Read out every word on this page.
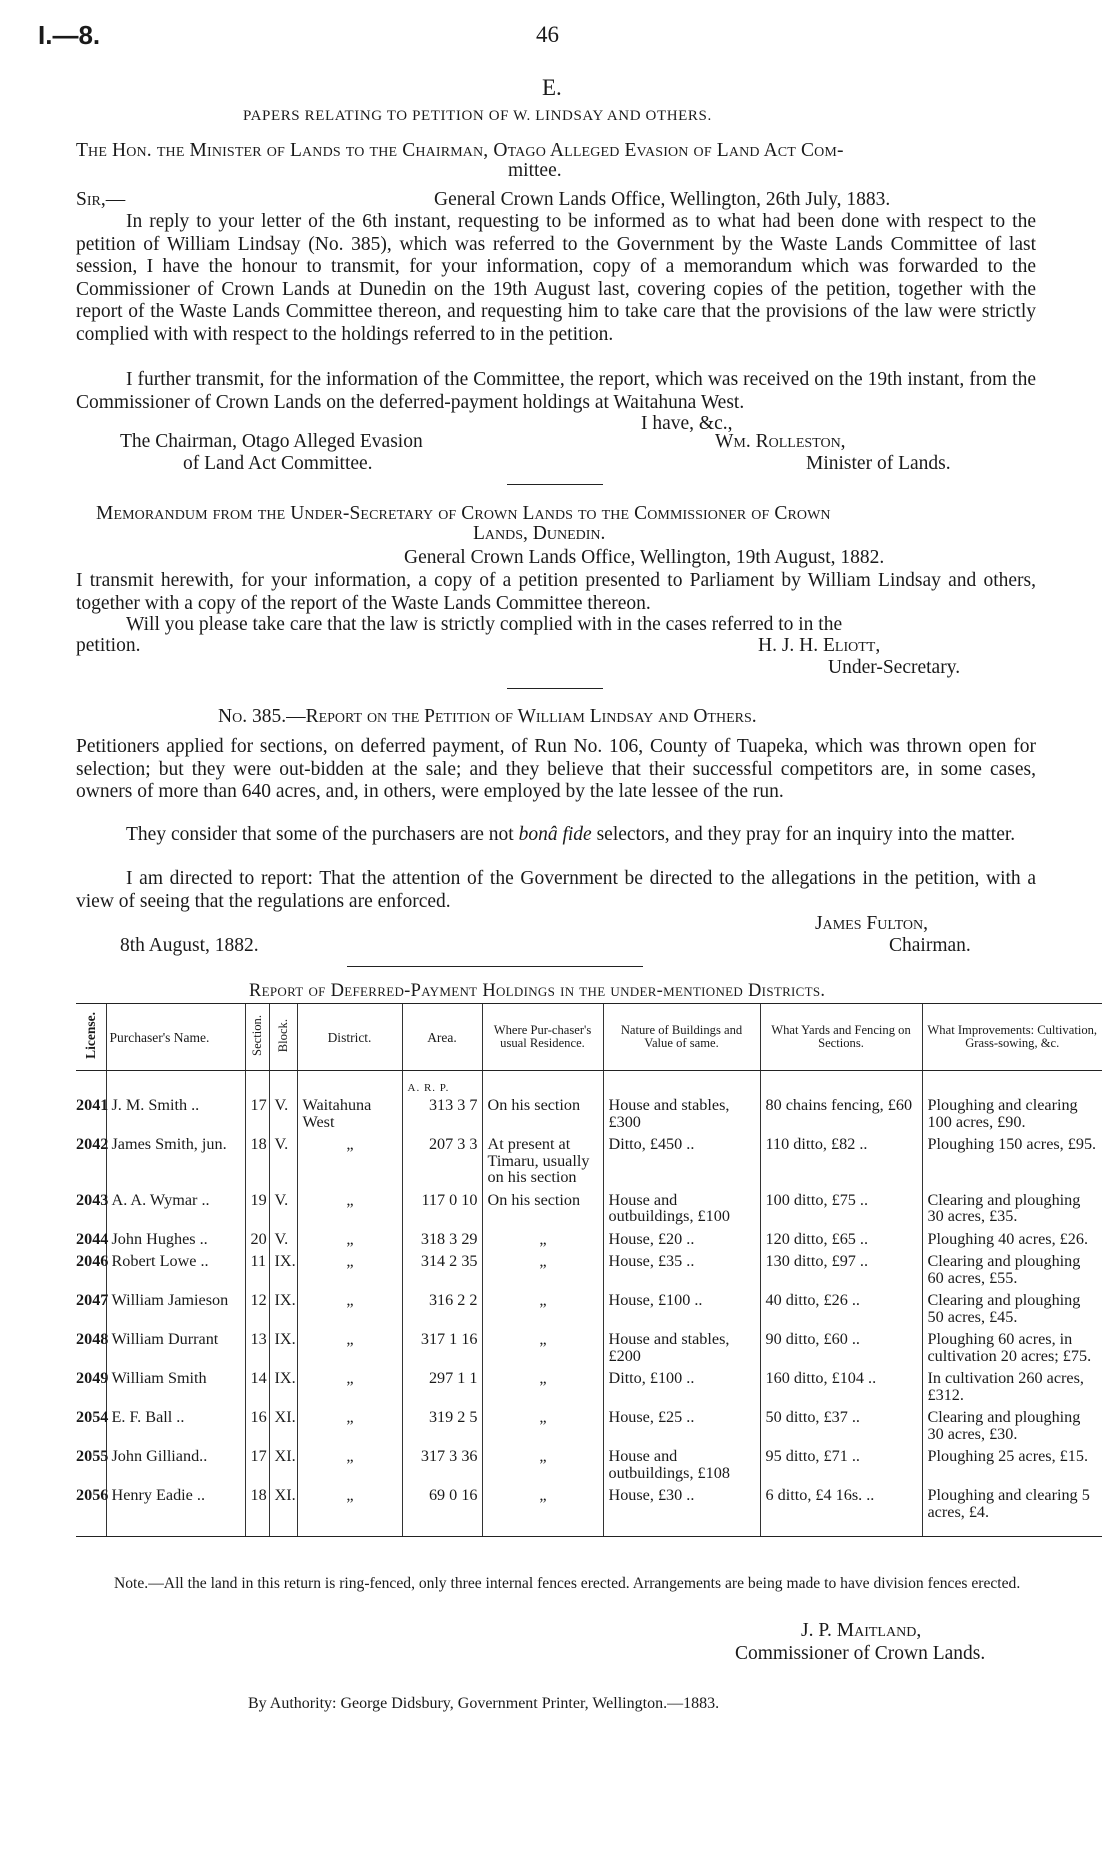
I.—8.	46
E.
PAPERS RELATING TO PETITION OF W. LINDSAY AND OTHERS.
The Hon. the Minister of Lands to the Chairman, Otago Alleged Evasion of Land Act Com-
mittee.
Sir,—	General Crown Lands Office, Wellington, 26th July, 1883.
In reply to your letter of the 6th instant, requesting to be informed as to what had been done with respect to the petition of William Lindsay (No. 385), which was referred to the Government by the Waste Lands Committee of last session, I have the honour to transmit, for your information, copy of a memorandum which was forwarded to the Commissioner of Crown Lands at Dunedin on the 19th August last, covering copies of the petition, together with the report of the Waste Lands Committee thereon, and requesting him to take care that the provisions of the law were strictly complied with with respect to the holdings referred to in the petition.
I further transmit, for the information of the Committee, the report, which was received on the 19th instant, from the Commissioner of Crown Lands on the deferred-payment holdings at Waitahuna West.
I have, &c.,
The Chairman, Otago Alleged Evasion	Wm. Rolleston,
of Land Act Committee.	Minister of Lands.
Memorandum from the Under-Secretary of Crown Lands to the Commissioner of Crown
Lands, Dunedin.
General Crown Lands Office, Wellington, 19th August, 1882.
I transmit herewith, for your information, a copy of a petition presented to Parliament by William Lindsay and others, together with a copy of the report of the Waste Lands Committee thereon.
Will you please take care that the law is strictly complied with in the cases referred to in the
petition.	H. J. H. Eliott,
Under-Secretary.
No. 385.—Report on the Petition of William Lindsay and Others.
Petitioners applied for sections, on deferred payment, of Run No. 106, County of Tuapeka, which was thrown open for selection; but they were out-bidden at the sale; and they believe that their successful competitors are, in some cases, owners of more than 640 acres, and, in others, were employed by the late lessee of the run.
They consider that some of the purchasers are not bonâ fide selectors, and they pray for an inquiry into the matter.
I am directed to report: That the attention of the Government be directed to the allegations in the petition, with a view of seeing that the regulations are enforced.
James Fulton,
8th August, 1882.	Chairman.
Report of Deferred-Payment Holdings in the under-mentioned Districts.
License.	Purchaser's Name.	Section.	Block.	District.	Area.	Where Pur-chaser's usual Residence.	Nature of Buildings and Value of same.	What Yards and Fencing on Sections.	What Improvements: Cultivation, Grass-sowing, &c.
					A. R. P.				
2041	J. M. Smith ..	17	V.	Waitahuna West	313 3 7	On his section	House and stables, £300	80 chains fencing, £60	Ploughing and clearing 100 acres, £90.
2042	James Smith, jun.	18	V.	„	207 3 3	At present at Timaru, usually on his section	Ditto, £450 ..	110 ditto, £82 ..	Ploughing 150 acres, £95.
2043	A. A. Wymar ..	19	V.	„	117 0 10	On his section	House and outbuildings, £100	100 ditto, £75 ..	Clearing and ploughing 30 acres, £35.
2044	John Hughes ..	20	V.	„	318 3 29	„	House, £20 ..	120 ditto, £65 ..	Ploughing 40 acres, £26.
2046	Robert Lowe ..	11	IX.	„	314 2 35	„	House, £35 ..	130 ditto, £97 ..	Clearing and ploughing 60 acres, £55.
2047	William Jamieson	12	IX.	„	316 2 2	„	House, £100 ..	40 ditto, £26 ..	Clearing and ploughing 50 acres, £45.
2048	William Durrant	13	IX.	„	317 1 16	„	House and stables, £200	90 ditto, £60 ..	Ploughing 60 acres, in cultivation 20 acres; £75.
2049	William Smith	14	IX.	„	297 1 1	„	Ditto, £100 ..	160 ditto, £104 ..	In cultivation 260 acres, £312.
2054	E. F. Ball ..	16	XI.	„	319 2 5	„	House, £25 ..	50 ditto, £37 ..	Clearing and ploughing 30 acres, £30.
2055	John Gilliand..	17	XI.	„	317 3 36	„	House and outbuildings, £108	95 ditto, £71 ..	Ploughing 25 acres, £15.
2056	Henry Eadie ..	18	XI.	„	69 0 16	„	House, £30 ..	6 ditto, £4 16s. ..	Ploughing and clearing 5 acres, £4.
Note.—All the land in this return is ring-fenced, only three internal fences erected. Arrangements are being made to have division fences erected.
J. P. Maitland,
Commissioner of Crown Lands.
By Authority: George Didsbury, Government Printer, Wellington.—1883.
